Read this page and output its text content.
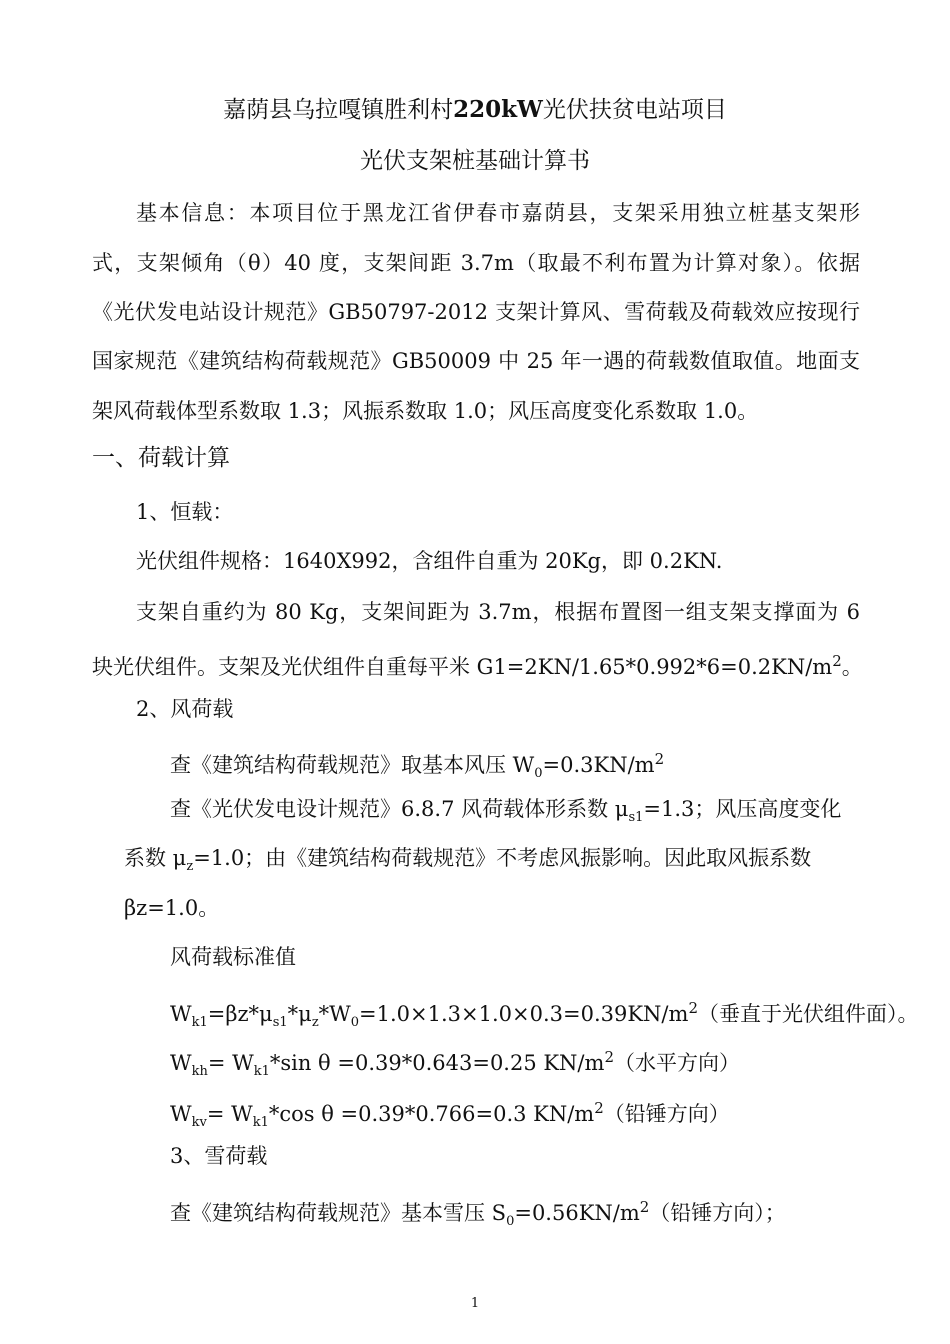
嘉荫县乌拉嘎镇胜利村220kW光伏扶贫电站项目
光伏支架桩基础计算书
基本信息：本项目位于黑龙江省伊春市嘉荫县，支架采用独立桩基支架形
式，支架倾角（θ）40 度，支架间距 3.7m（取最不利布置为计算对象）。依据
《光伏发电站设计规范》GB50797-2012 支架计算风、雪荷载及荷载效应按现行
国家规范《建筑结构荷载规范》GB50009 中 25 年一遇的荷载数值取值。地面支
架风荷载体型系数取 1.3；风振系数取 1.0；风压高度变化系数取 1.0。
一、荷载计算
1、恒载：
光伏组件规格：1640X992，含组件自重为 20Kg，即 0.2KN.
支架自重约为 80 Kg，支架间距为 3.7m，根据布置图一组支架支撑面为 6
块光伏组件。支架及光伏组件自重每平米 $G1=2KN/1.65*0.992*6=0.2KN/m^2$。
2、风荷载
查《建筑结构荷载规范》取基本风压 $W_0=0.3KN/m^2$
查《光伏发电设计规范》6.8.7 风荷载体形系数 $\mu_{s1}=1.3$；风压高度变化
系数 $\mu_z=1.0$；由《建筑结构荷载规范》不考虑风振影响。因此取风振系数
βz=1.0。
风荷载标准值
$W_{k1}=\beta z*\mu_{s1}*\mu_z*W_0=1.0\times 1.3\times 1.0\times 0.3=0.39KN/m^2$（垂直于光伏组件面）。
$W_{kh}= W_{k1}*\sin$ θ =0.39*0.643=0.25 $KN/m^2$（水平方向）
$W_{kv}= W_{k1}*\cos$ θ =0.39*0.766=0.3 $KN/m^2$（铅锤方向）
3、雪荷载
查《建筑结构荷载规范》基本雪压 $S_0=0.56KN/m^2$（铅锤方向）；
1
